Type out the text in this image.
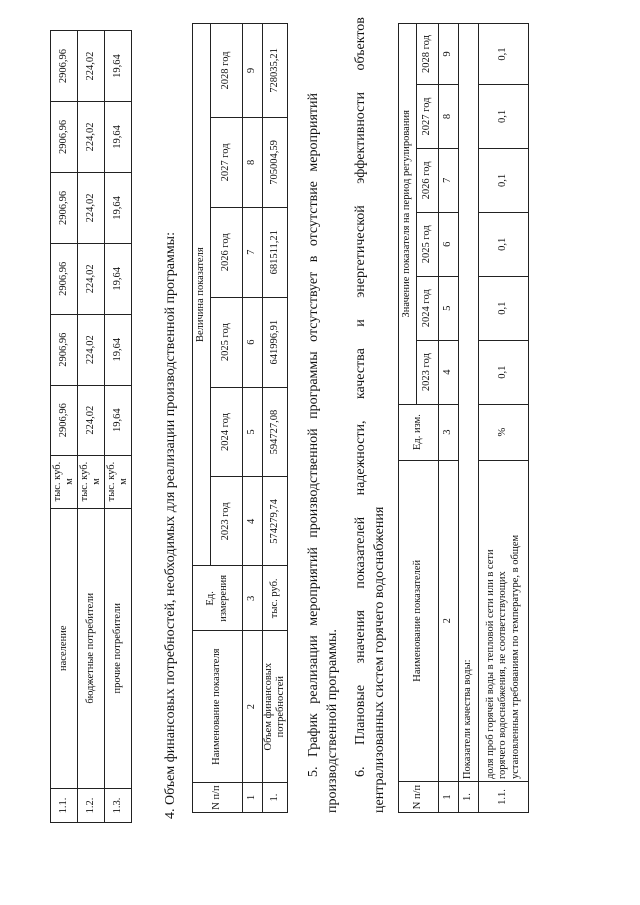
1.1.	население	тыс. куб. м	2906,96	2906,96	2906,96	2906,96	2906,96	2906,96
1.2.	бюджетные потребители	тыс. куб. м	224,02	224,02	224,02	224,02	224,02	224,02
1.3.	прочие потребители	тыс. куб. м	19,64	19,64	19,64	19,64	19,64	19,64
4. Объем финансовых потребностей, необходимых для реализации производственной программы:	N п/п	Наименование показателя	Ед. измерения	Величина показателя					
			2023 год	2024 год	2025 год	2026 год	2027 год	2028 год
1	2	3	4	5	6	7	8	9
1.	Объем финансовых потребностей	тыс. руб.	574279,74	594727,08	641996,91	681511,21	705004,59	728035,21
5. График реализации мероприятий производственной программы отсутствует в отсутствие мероприятий производственной программы. 6. Плановые значения показателей надежности, качества и энергетической эффективности объектов централизованных систем горячего водоснабжения N п/п	Наименование показателей	Ед. изм.	Значение показателя на период регулирования					
			2023 год	2024 год	2025 год	2026 год	2027 год	2028 год
1	2	3	4	5	6	7	8	9
1.	Показатели качества воды:							
1.1.	доля проб горячей воды в тепловой сети или в сети горячего водоснабжения, не соответствующих установленным требованиям по температуре, в общем	%	0,1	0,1	0,1	0,1	0,1	0,1
